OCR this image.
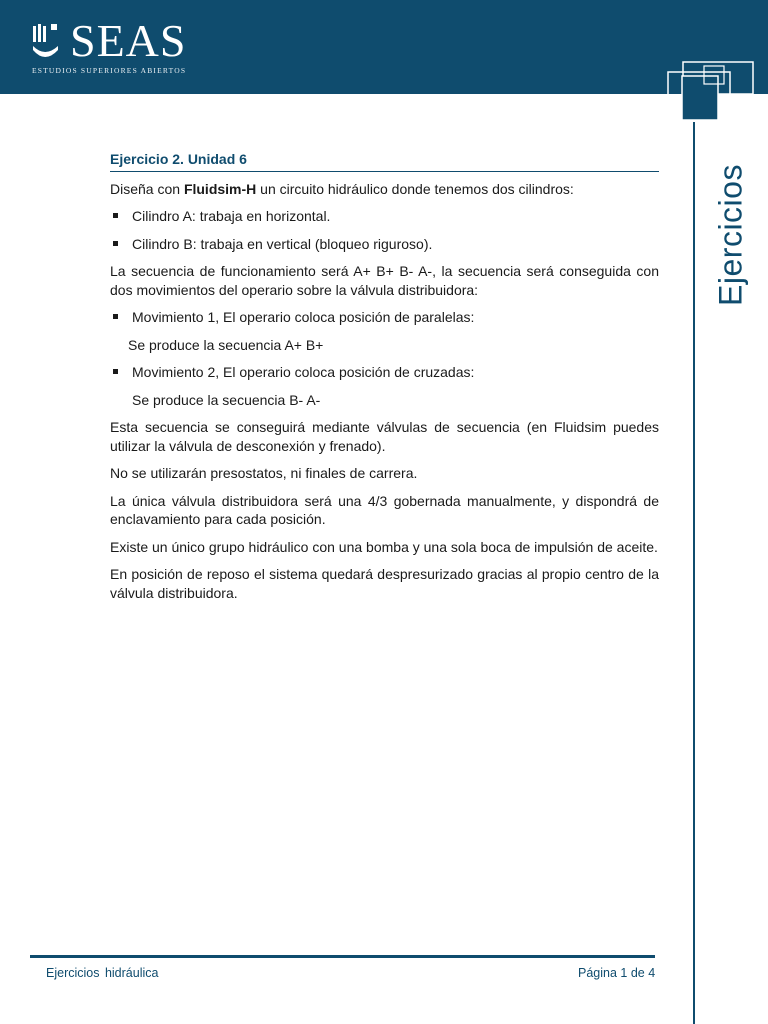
SEAS
ESTUDIOS SUPERIORES ABIERTOS
Ejercicios
Ejercicio 2. Unidad 6

Diseña con Fluidsim-H un circuito hidráulico donde tenemos dos cilindros:

Cilindro A: trabaja en horizontal.
Cilindro B: trabaja en vertical (bloqueo riguroso).

La secuencia de funcionamiento será A+ B+ B- A-, la secuencia será conseguida con dos movimientos del operario sobre la válvula distribuidora:

Movimiento 1, El operario coloca posición de paralelas:
Se produce la secuencia A+ B+
Movimiento 2, El operario coloca posición de cruzadas:
Se produce la secuencia B- A-

Esta secuencia se conseguirá mediante válvulas de secuencia (en Fluidsim puedes utilizar la válvula de desconexión y frenado).

No se utilizarán presostatos, ni finales de carrera.

La única válvula distribuidora será una 4/3 gobernada manualmente, y dispondrá de enclavamiento para cada posición.

Existe un único grupo hidráulico con una bomba y una sola boca de impulsión de aceite.

En posición de reposo el sistema quedará despresurizado gracias al propio centro de la válvula distribuidora.

Ejercicios hidráulica	Página 1 de 4
